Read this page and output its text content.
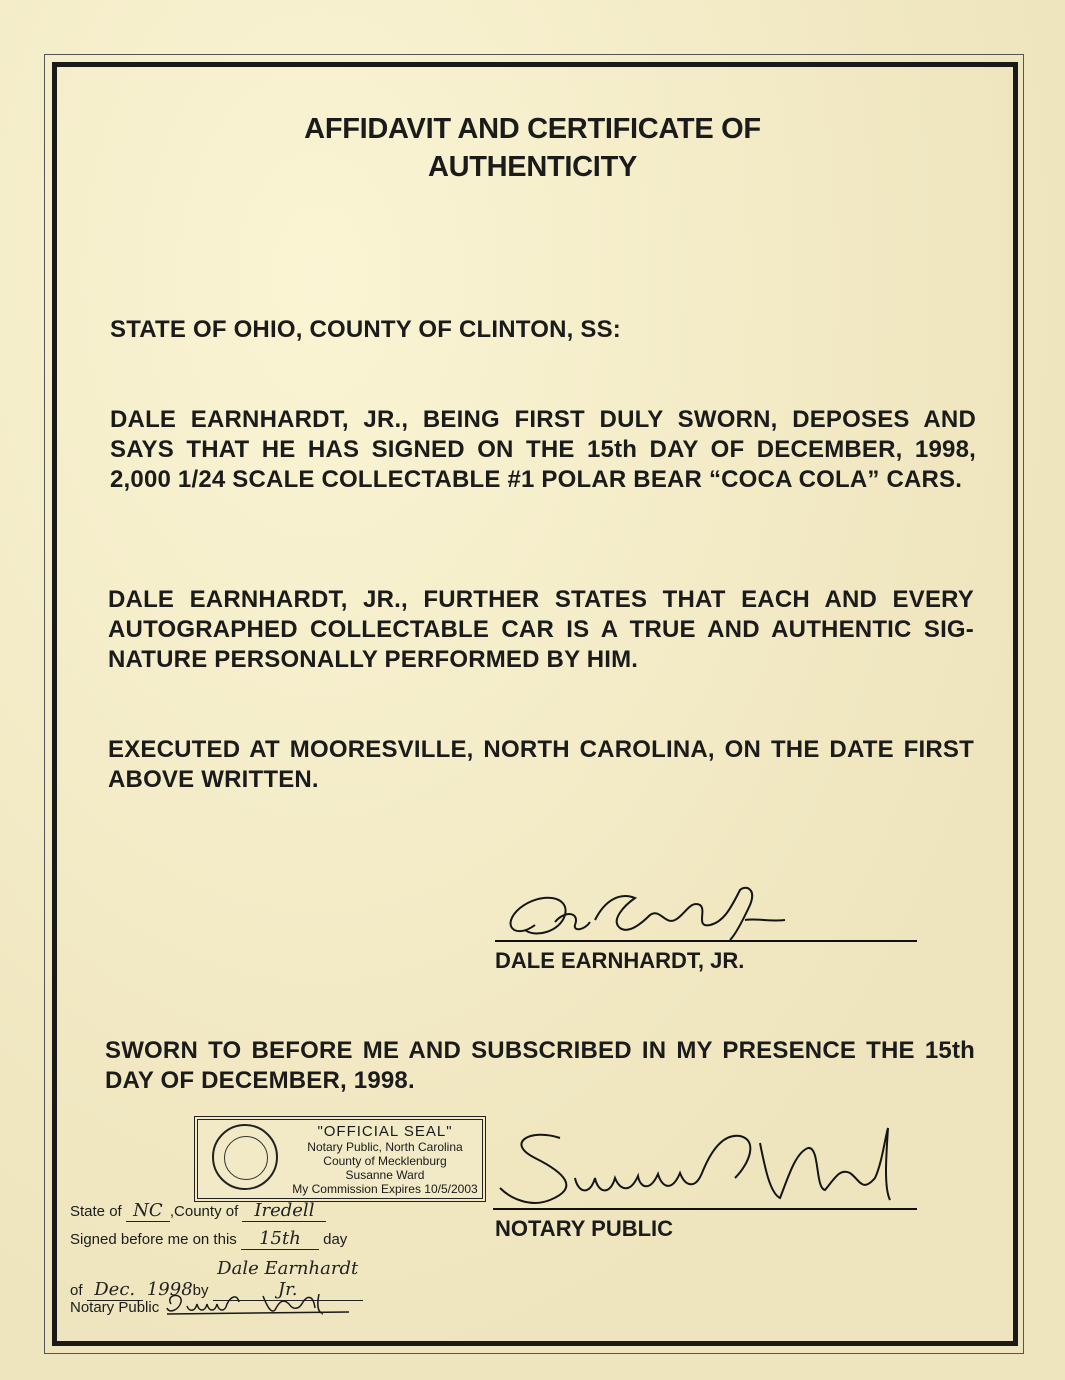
AFFIDAVIT AND CERTIFICATE OF
AUTHENTICITY
STATE OF OHIO, COUNTY OF CLINTON, SS:
DALE EARNHARDT, JR., BEING FIRST DULY SWORN, DEPOSES AND SAYS THAT HE HAS SIGNED ON THE 15th DAY OF DECEMBER, 1998, 2,000 1/24 SCALE COLLECTABLE #1 POLAR BEAR “COCA COLA” CARS.
DALE EARNHARDT, JR., FURTHER STATES THAT EACH AND EVERY AUTOGRAPHED COLLECTABLE CAR IS A TRUE AND AUTHENTIC SIG-NATURE PERSONALLY PERFORMED BY HIM.
EXECUTED AT MOORESVILLE, NORTH CAROLINA, ON THE DATE FIRST ABOVE WRITTEN.
DALE EARNHARDT, JR.
SWORN TO BEFORE ME AND SUBSCRIBED IN MY PRESENCE THE 15th DAY OF DECEMBER, 1998.
"OFFICIAL SEAL"
Notary Public, North Carolina
County of Mecklenburg
Susanne Ward
My Commission Expires 10/5/2003
NOTARY PUBLIC
State of NC ,County of Iredell
Signed before me on this 15th day
of Dec. 1998by Dale Earnhardt Jr.
Notary Public
